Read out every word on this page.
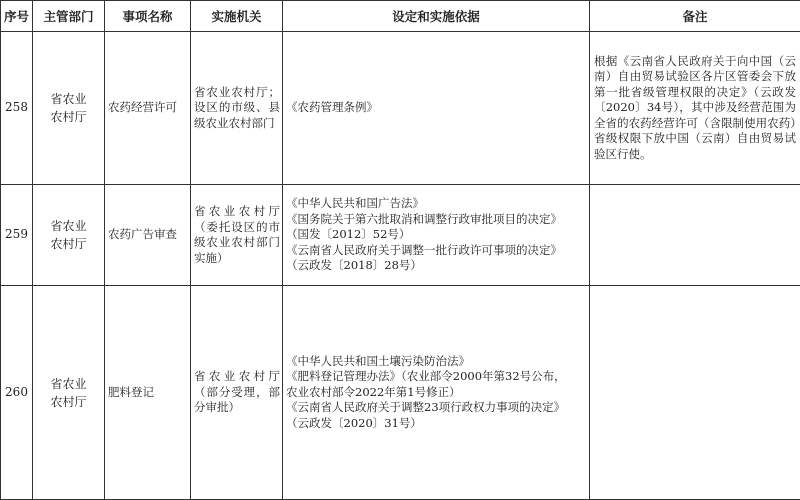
序号	主管部门	事项名称	实施机关	设定和实施依据	备注
258	省农业农村厅	农药经营许可	省农业农村厅；设区的市级、县级农业农村部门	《农药管理条例》	根据《云南省人民政府关于向中国（云南）自由贸易试验区各片区管委会下放第一批省级管理权限的决定》（云政发〔2020〕34号），其中涉及经营范围为全省的农药经营许可（含限制使用农药）省级权限下放中国（云南）自由贸易试验区行使。
259	省农业农村厅	农药广告审查	省农业农村厅（委托设区的市级农业农村部门实施）	《中华人民共和国广告法》
《国务院关于第六批取消和调整行政审批项目的决定》
（国发〔2012〕52号）
《云南省人民政府关于调整一批行政许可事项的决定》
（云政发〔2018〕28号）	

260	省农业农村厅	肥料登记	省农业农村厅（部分受理，部分审批）	《中华人民共和国土壤污染防治法》
《肥料登记管理办法》（农业部令2000年第32号公布，
农业农村部令2022年第1号修正）
《云南省人民政府关于调整23项行政权力事项的决定》
（云政发〔2020〕31号）	
